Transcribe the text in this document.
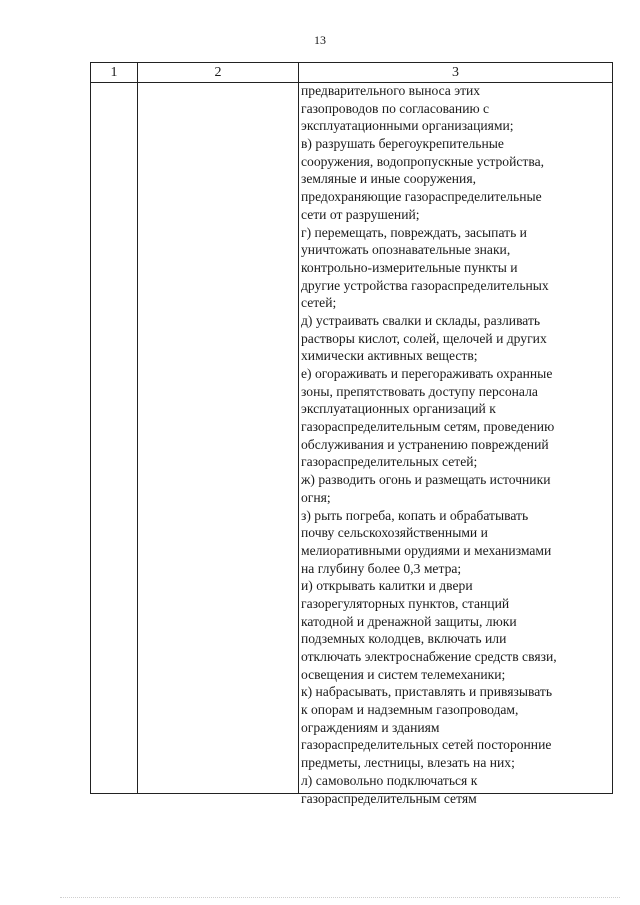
13
1	2	3
предварительного выноса этих
газопроводов по согласованию с
эксплуатационными организациями;
в) разрушать берегоукрепительные
сооружения, водопропускные устройства,
земляные и иные сооружения,
предохраняющие газораспределительные
сети от разрушений;
г) перемещать, повреждать, засыпать и
уничтожать опознавательные знаки,
контрольно-измерительные пункты и
другие устройства газораспределительных
сетей;
д) устраивать свалки и склады, разливать
растворы кислот, солей, щелочей и других
химически активных веществ;
е) огораживать и перегораживать охранные
зоны, препятствовать доступу персонала
эксплуатационных организаций к
газораспределительным сетям, проведению
обслуживания и устранению повреждений
газораспределительных сетей;
ж) разводить огонь и размещать источники
огня;
з) рыть погреба, копать и обрабатывать
почву сельскохозяйственными и
мелиоративными орудиями и механизмами
на глубину более 0,3 метра;
и) открывать калитки и двери
газорегуляторных пунктов, станций
катодной и дренажной защиты, люки
подземных колодцев, включать или
отключать электроснабжение средств связи,
освещения и систем телемеханики;
к) набрасывать, приставлять и привязывать
к опорам и надземным газопроводам,
ограждениям и зданиям
газораспределительных сетей посторонние
предметы, лестницы, влезать на них;
л) самовольно подключаться к
газораспределительным сетям
